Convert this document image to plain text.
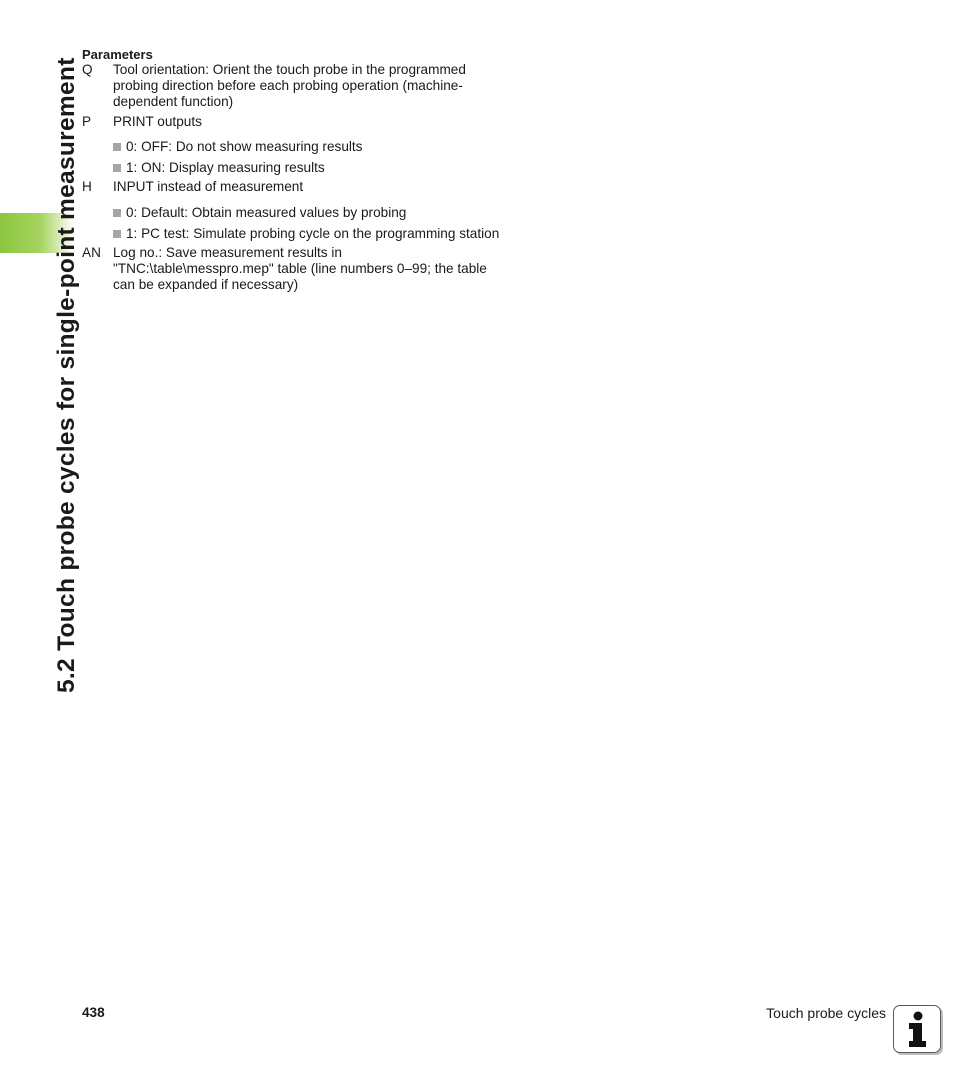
5.2 Touch probe cycles for single-point measurement
Parameters
Q	Tool orientation: Orient the touch probe in the programmed
probing direction before each probing operation (machine-
dependent function)
P	PRINT outputs
0: OFF: Do not show measuring results
1: ON: Display measuring results
H	INPUT instead of measurement
0: Default: Obtain measured values by probing
1: PC test: Simulate probing cycle on the programming station
AN Log no.: Save measurement results in
"TNC:\table\messpro.mep" table (line numbers 0–99; the table
can be expanded if necessary)
438	Touch probe cycles
